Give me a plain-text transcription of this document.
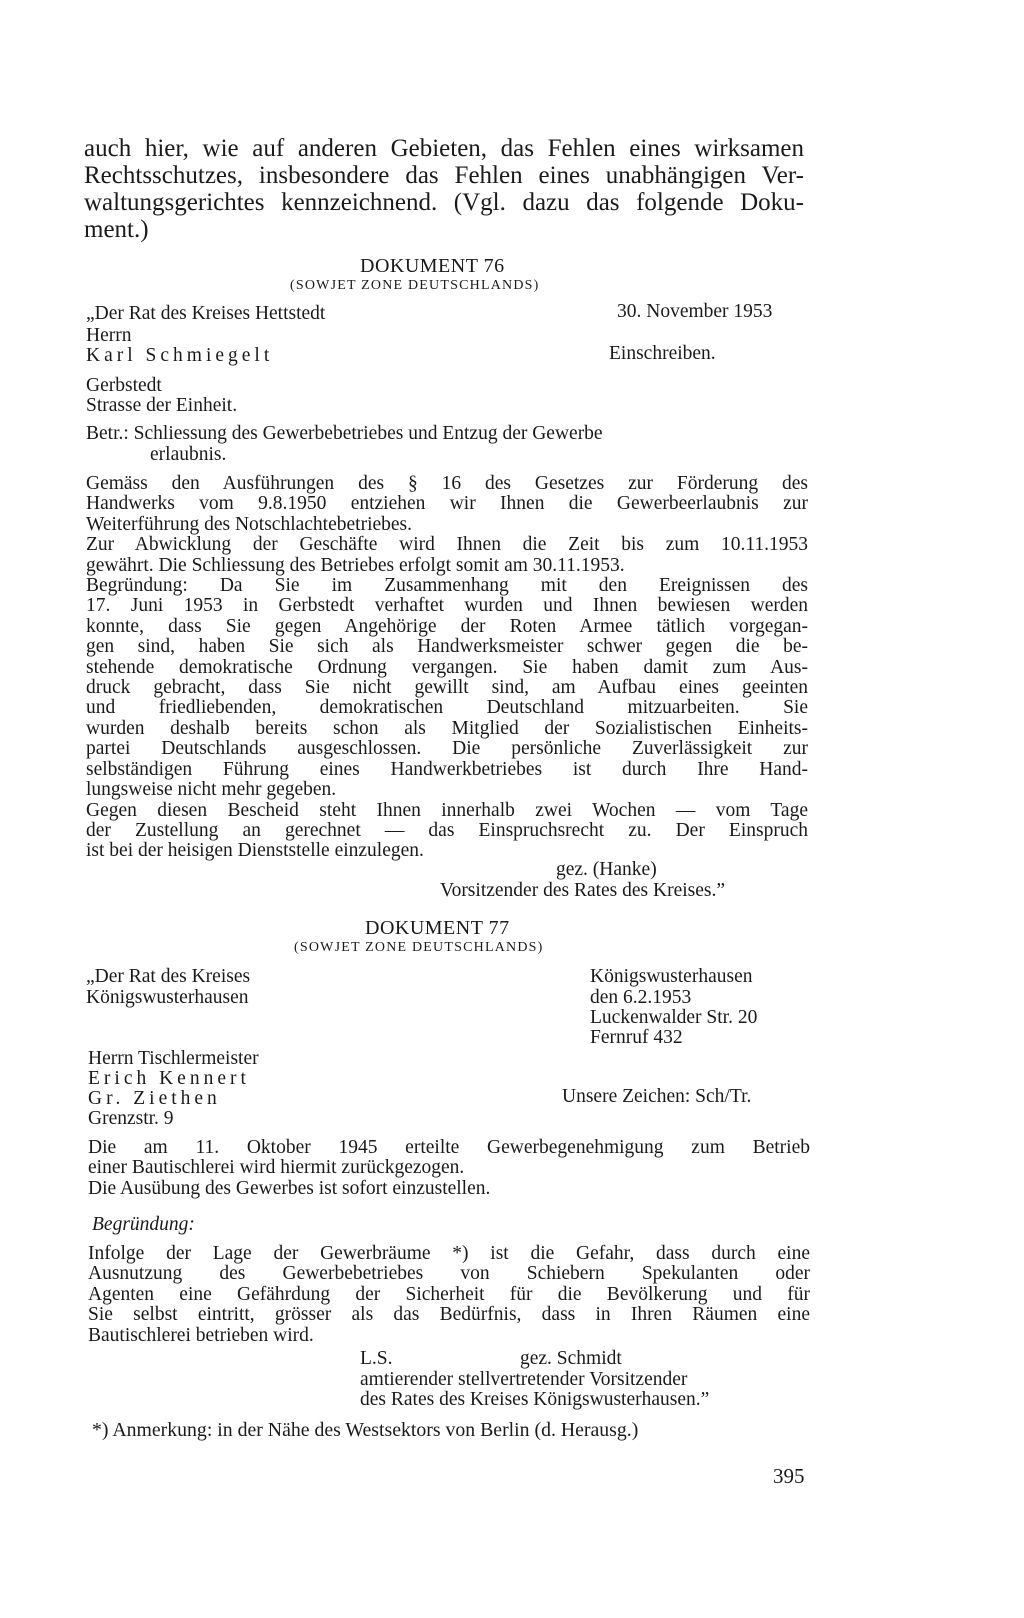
auch hier, wie auf anderen Gebieten, das Fehlen eines wirksamen

Rechtsschutzes, insbesondere das Fehlen eines unabhängigen Ver-

waltungsgerichtes kennzeichnend. (Vgl. dazu das folgende Doku-

ment.)

DOKUMENT 76
(SOWJET ZONE DEUTSCHLANDS)
„Der Rat des Kreises Hettstedt	30. November 1953
Herrn
Karl Schmiegelt	Einschreiben.
Gerbstedt
Strasse der Einheit.
Betr.: Schliessung des Gewerbebetriebes und Entzug der Gewerbe
erlaubnis.

Gemäss den Ausführungen des § 16 des Gesetzes zur Förderung des

Handwerks vom 9.8.1950 entziehen wir Ihnen die Gewerbeerlaubnis zur

Weiterführung des Notschlachtebetriebes.

Zur Abwicklung der Geschäfte wird Ihnen die Zeit bis zum 10.11.1953

gewährt. Die Schliessung des Betriebes erfolgt somit am 30.11.1953.

Begründung: Da Sie im Zusammenhang mit den Ereignissen des

17. Juni 1953 in Gerbstedt verhaftet wurden und Ihnen bewiesen werden

konnte, dass Sie gegen Angehörige der Roten Armee tätlich vorgegan-

gen sind, haben Sie sich als Handwerksmeister schwer gegen die be-

stehende demokratische Ordnung vergangen. Sie haben damit zum Aus-

druck gebracht, dass Sie nicht gewillt sind, am Aufbau eines geeinten

und friedliebenden, demokratischen Deutschland mitzuarbeiten. Sie

wurden deshalb bereits schon als Mitglied der Sozialistischen Einheits-

partei Deutschlands ausgeschlossen. Die persönliche Zuverlässigkeit zur

selbständigen Führung eines Handwerkbetriebes ist durch Ihre Hand-

lungsweise nicht mehr gegeben.

Gegen diesen Bescheid steht Ihnen innerhalb zwei Wochen — vom Tage

der Zustellung an gerechnet — das Einspruchsrecht zu. Der Einspruch

ist bei der heisigen Dienststelle einzulegen.

gez. (Hanke)
Vorsitzender des Rates des Kreises.”
DOKUMENT 77
(SOWJET ZONE DEUTSCHLANDS)
„Der Rat des Kreises
Königswusterhausen
Königswusterhausen
den 6.2.1953
Luckenwalder Str. 20
Fernruf 432
Herrn Tischlermeister
Erich Kennert
Gr. Ziethen
Grenzstr. 9
Unsere Zeichen: Sch/Tr.

Die am 11. Oktober 1945 erteilte Gewerbegenehmigung zum Betrieb

einer Bautischlerei wird hiermit zurückgezogen.

Die Ausübung des Gewerbes ist sofort einzustellen.

Begründung:

Infolge der Lage der Gewerbräume *) ist die Gefahr, dass durch eine

Ausnutzung des Gewerbebetriebes von Schiebern Spekulanten oder

Agenten eine Gefährdung der Sicherheit für die Bevölkerung und für

Sie selbst eintritt, grösser als das Bedürfnis, dass in Ihren Räumen eine

Bautischlerei betrieben wird.

L.S.	gez. Schmidt
amtierender stellvertretender Vorsitzender
des Rates des Kreises Königswusterhausen.”
*) Anmerkung: in der Nähe des Westsektors von Berlin (d. Herausg.)
395
